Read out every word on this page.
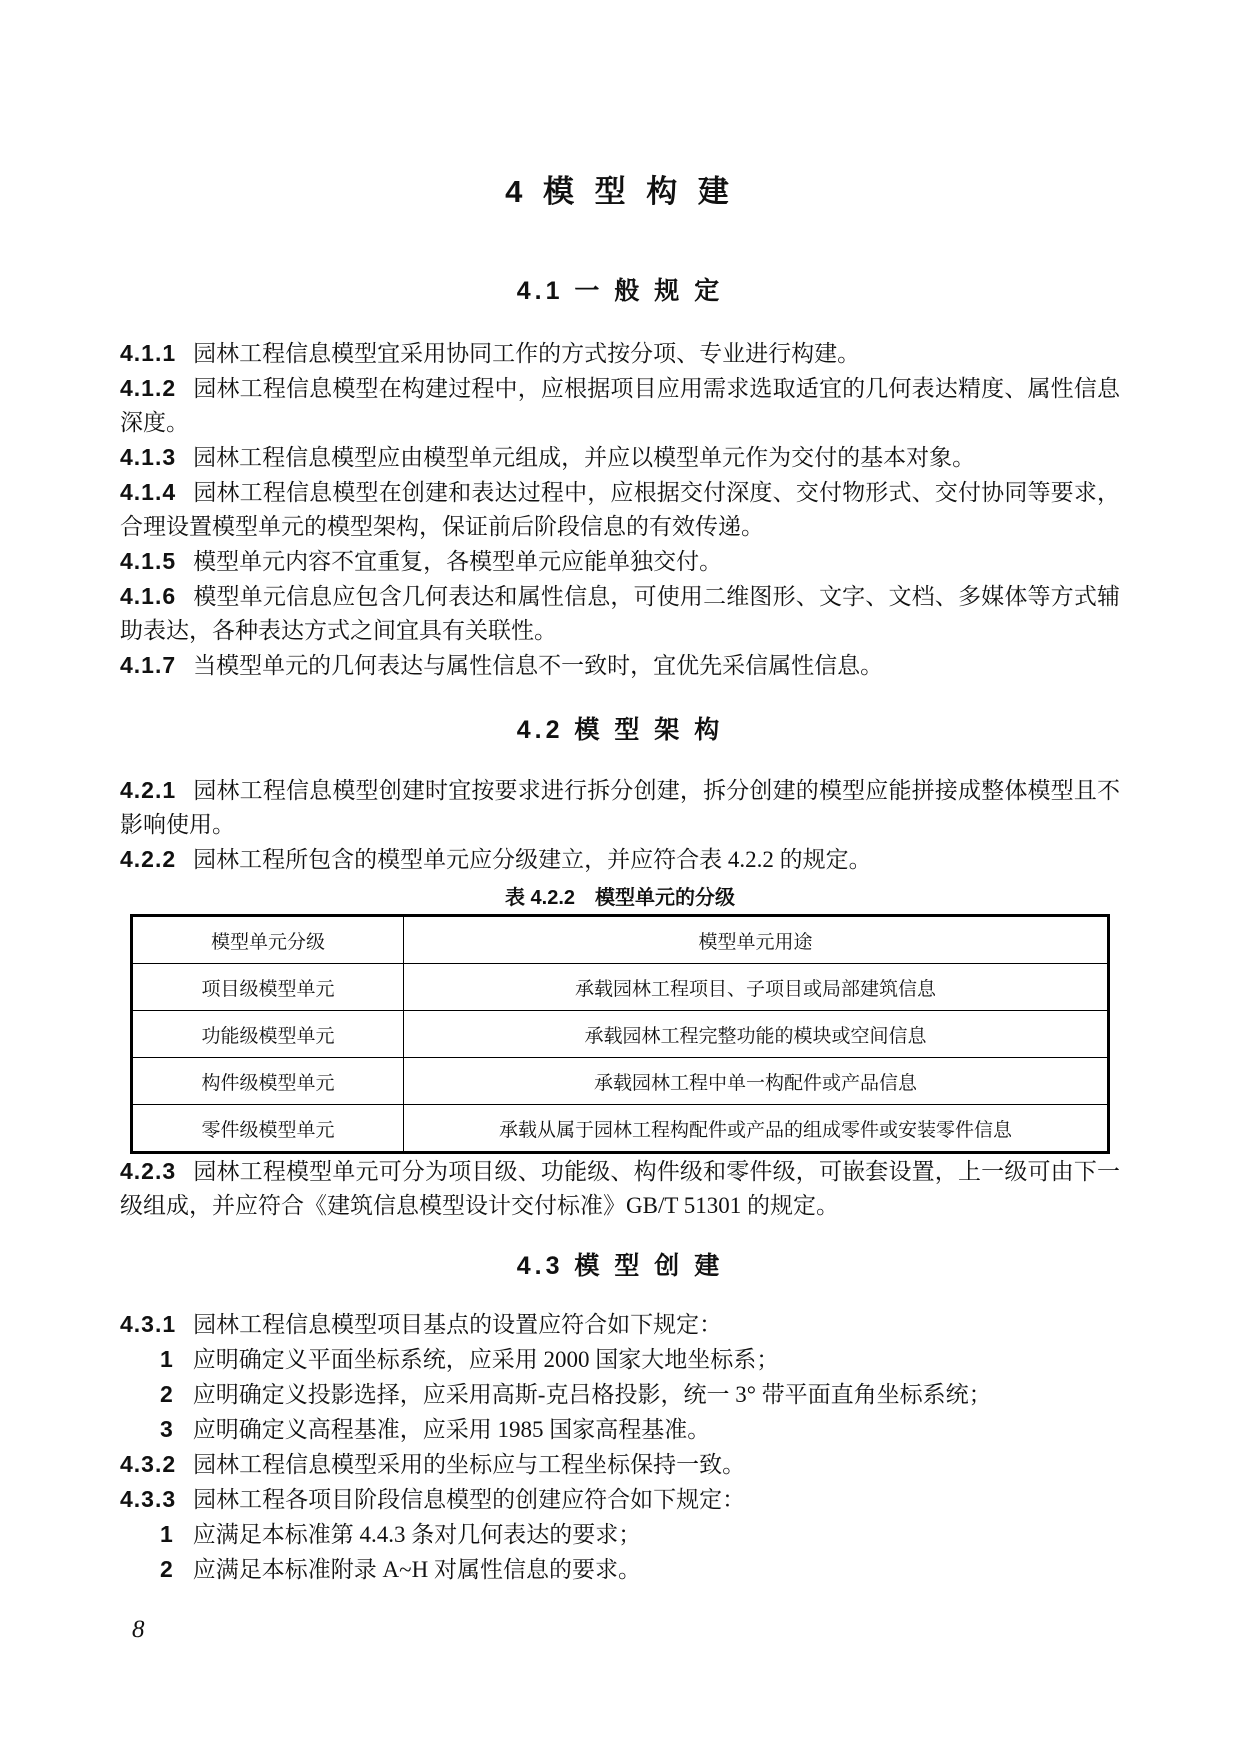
4 模 型 构 建
4.1 一 般 规 定

4.1.1 园林工程信息模型宜采用协同工作的方式按分项、专业进行构建。

4.1.2 园林工程信息模型在构建过程中，应根据项目应用需求选取适宜的几何表达精度、属性信息深度。

4.1.3 园林工程信息模型应由模型单元组成，并应以模型单元作为交付的基本对象。

4.1.4 园林工程信息模型在创建和表达过程中，应根据交付深度、交付物形式、交付协同等要求，合理设置模型单元的模型架构，保证前后阶段信息的有效传递。

4.1.5 模型单元内容不宜重复，各模型单元应能单独交付。

4.1.6 模型单元信息应包含几何表达和属性信息，可使用二维图形、文字、文档、多媒体等方式辅助表达，各种表达方式之间宜具有关联性。

4.1.7 当模型单元的几何表达与属性信息不一致时，宜优先采信属性信息。

4.2 模 型 架 构

4.2.1 园林工程信息模型创建时宜按要求进行拆分创建，拆分创建的模型应能拼接成整体模型且不影响使用。

4.2.2 园林工程所包含的模型单元应分级建立，并应符合表 4.2.2 的规定。

表 4.2.2　模型单元的分级

模型单元分级	模型单元用途
项目级模型单元	承载园林工程项目、子项目或局部建筑信息
功能级模型单元	承载园林工程完整功能的模块或空间信息
构件级模型单元	承载园林工程中单一构配件或产品信息
零件级模型单元	承载从属于园林工程构配件或产品的组成零件或安装零件信息

4.2.3 园林工程模型单元可分为项目级、功能级、构件级和零件级，可嵌套设置，上一级可由下一级组成，并应符合《建筑信息模型设计交付标准》GB/T 51301 的规定。

4.3 模 型 创 建

4.3.1 园林工程信息模型项目基点的设置应符合如下规定：

1 应明确定义平面坐标系统，应采用 2000 国家大地坐标系；

2 应明确定义投影选择，应采用高斯-克吕格投影，统一 3° 带平面直角坐标系统；

3 应明确定义高程基准，应采用 1985 国家高程基准。

4.3.2 园林工程信息模型采用的坐标应与工程坐标保持一致。

4.3.3 园林工程各项目阶段信息模型的创建应符合如下规定：

1 应满足本标准第 4.4.3 条对几何表达的要求；

2 应满足本标准附录 A~H 对属性信息的要求。

8
